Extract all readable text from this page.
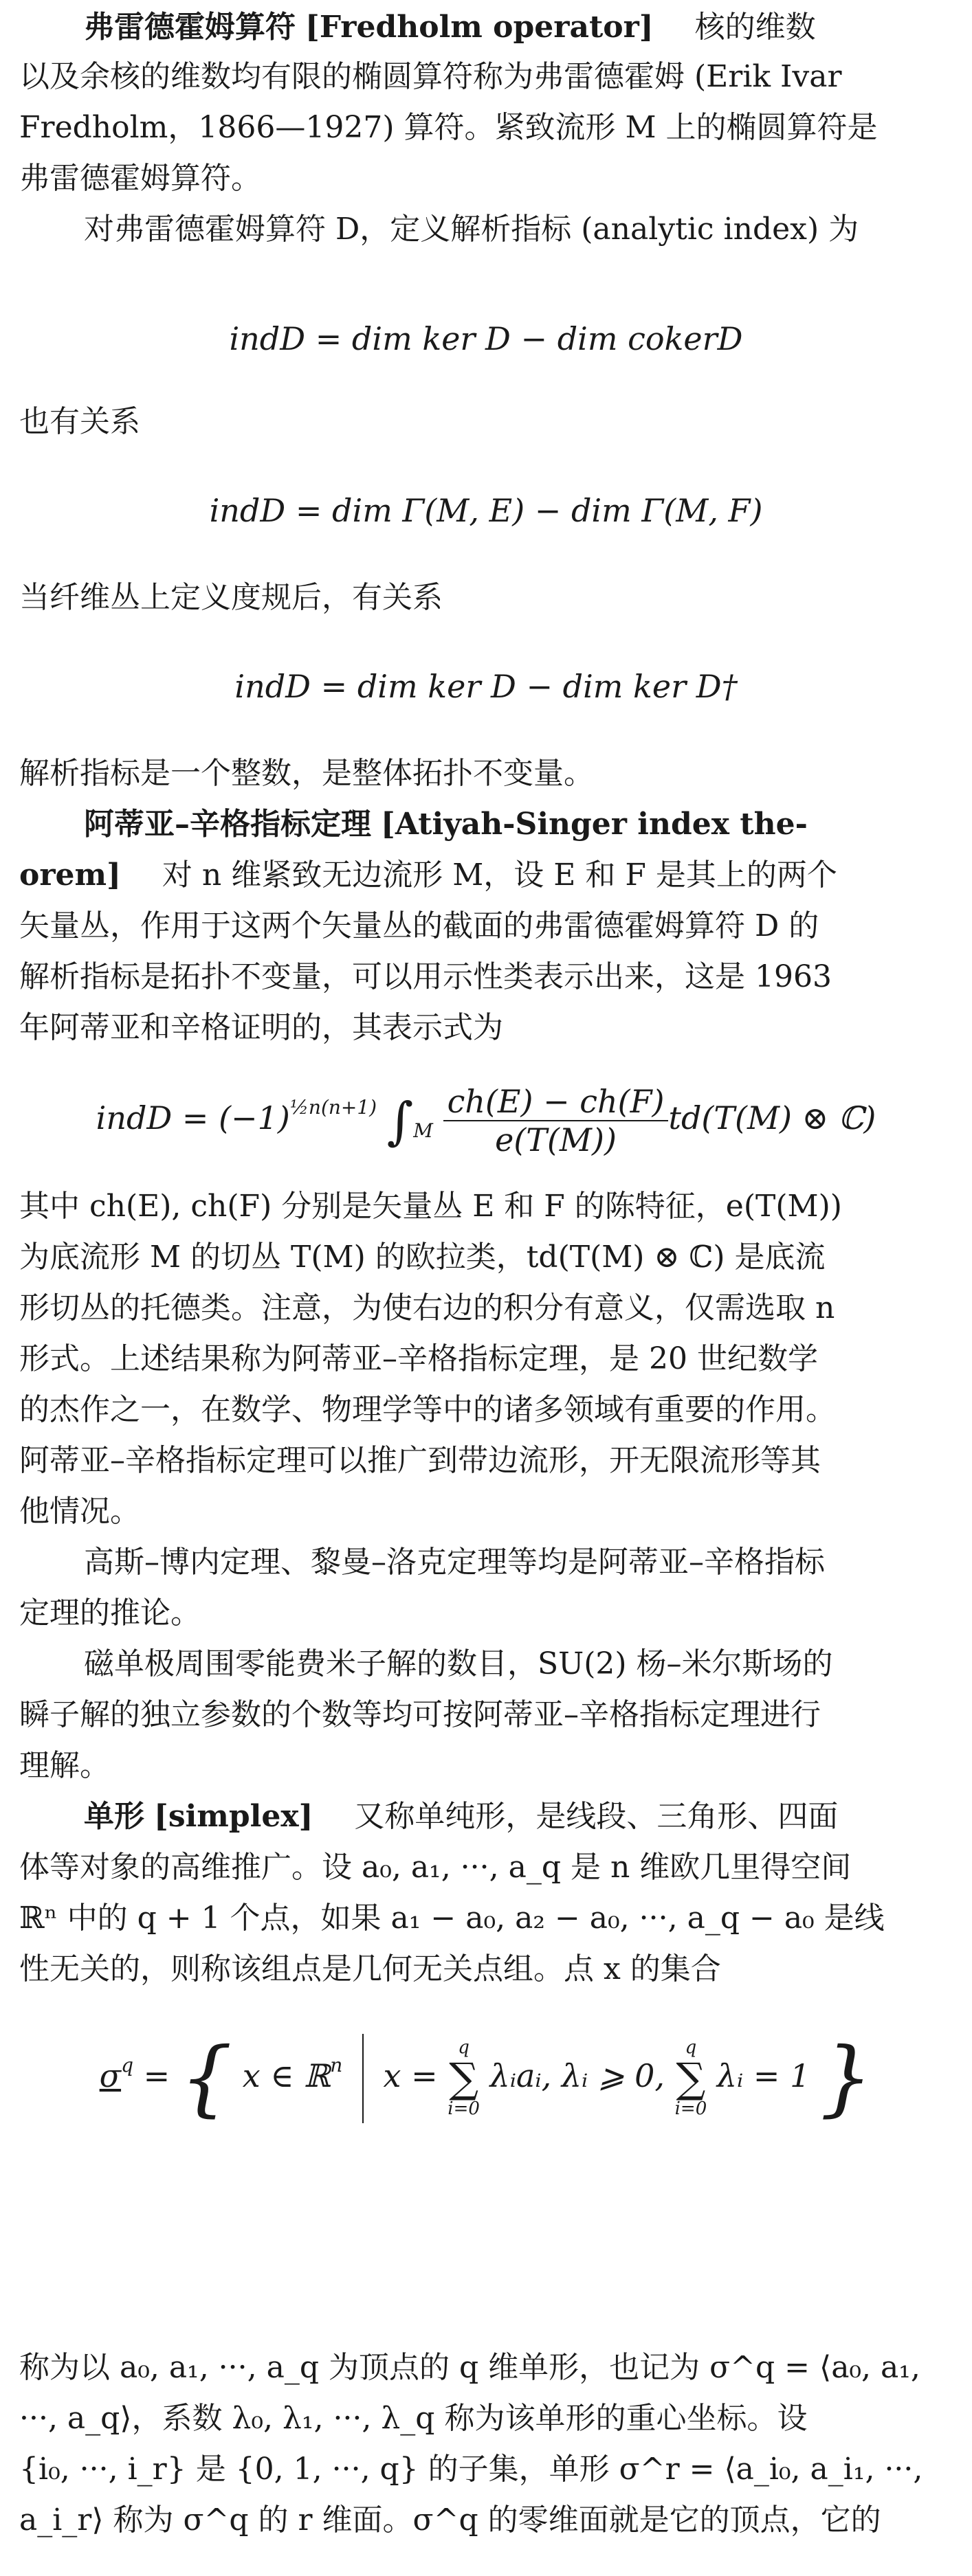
弗雷德霍姆算符 [Fredholm operator] 核的维数

以及余核的维数均有限的椭圆算符称为弗雷德霍姆 (Erik Ivar

Fredholm，1866—1927) 算符。紧致流形 M 上的椭圆算符是

弗雷德霍姆算符。

对弗雷德霍姆算符 D，定义解析指标 (analytic index) 为

indD = dim ker D − dim cokerD

也有关系

indD = dim Γ(M, E) − dim Γ(M, F)

当纤维丛上定义度规后，有关系

indD = dim ker D − dim ker D†

解析指标是一个整数，是整体拓扑不变量。

阿蒂亚–辛格指标定理 [Atiyah-Singer index the-

orem] 对 n 维紧致无边流形 M，设 E 和 F 是其上的两个

矢量丛，作用于这两个矢量丛的截面的弗雷德霍姆算符 D 的

解析指标是拓扑不变量，可以用示性类表示出来，这是 1963

年阿蒂亚和辛格证明的，其表示式为

indD = $(-1)^{\frac{1}{2}n(n+1)}$ $\int_M \frac{ch(E) - ch(F)}{e(T(M))} td(T(M)$ ⊗ ℂ)

其中 ch(E), ch(F) 分别是矢量丛 E 和 F 的陈特征，e(T(M))

为底流形 M 的切丛 T(M) 的欧拉类，td(T(M) ⊗ ℂ) 是底流

形切丛的托德类。注意，为使右边的积分有意义，仅需选取 n

形式。上述结果称为阿蒂亚–辛格指标定理，是 20 世纪数学

的杰作之一，在数学、物理学等中的诸多领域有重要的作用。

阿蒂亚–辛格指标定理可以推广到带边流形，开无限流形等其

他情况。

高斯–博内定理、黎曼–洛克定理等均是阿蒂亚–辛格指标

定理的推论。

磁单极周围零能费米子解的数目，SU(2) 杨–米尔斯场的

瞬子解的独立参数的个数等均可按阿蒂亚–辛格指标定理进行

理解。

单形 [simplex] 又称单纯形，是线段、三角形、四面

体等对象的高维推广。设 a₀, a₁, ···, a_q 是 n 维欧几里得空间

ℝⁿ 中的 q + 1 个点，如果 a₁ − a₀, a₂ − a₀, ···, a_q − a₀ 是线

性无关的，则称该组点是几何无关点组。点 x 的集合

$\sigma^q$ = { x ∈ ℝ$^n$ x = q
∑
i=0 λᵢaᵢ, λᵢ ⩾ 0, q
∑
i=0 λᵢ = 1 }

称为以 a₀, a₁, ···, a_q 为顶点的 q 维单形，也记为 σ^q = ⟨a₀, a₁,

···, a_q⟩，系数 λ₀, λ₁, ···, λ_q 称为该单形的重心坐标。设

{i₀, ···, i_r} 是 {0, 1, ···, q} 的子集，单形 σ^r = ⟨a_i₀, a_i₁, ···,

a_i_r⟩ 称为 σ^q 的 r 维面。σ^q 的零维面就是它的顶点，它的
